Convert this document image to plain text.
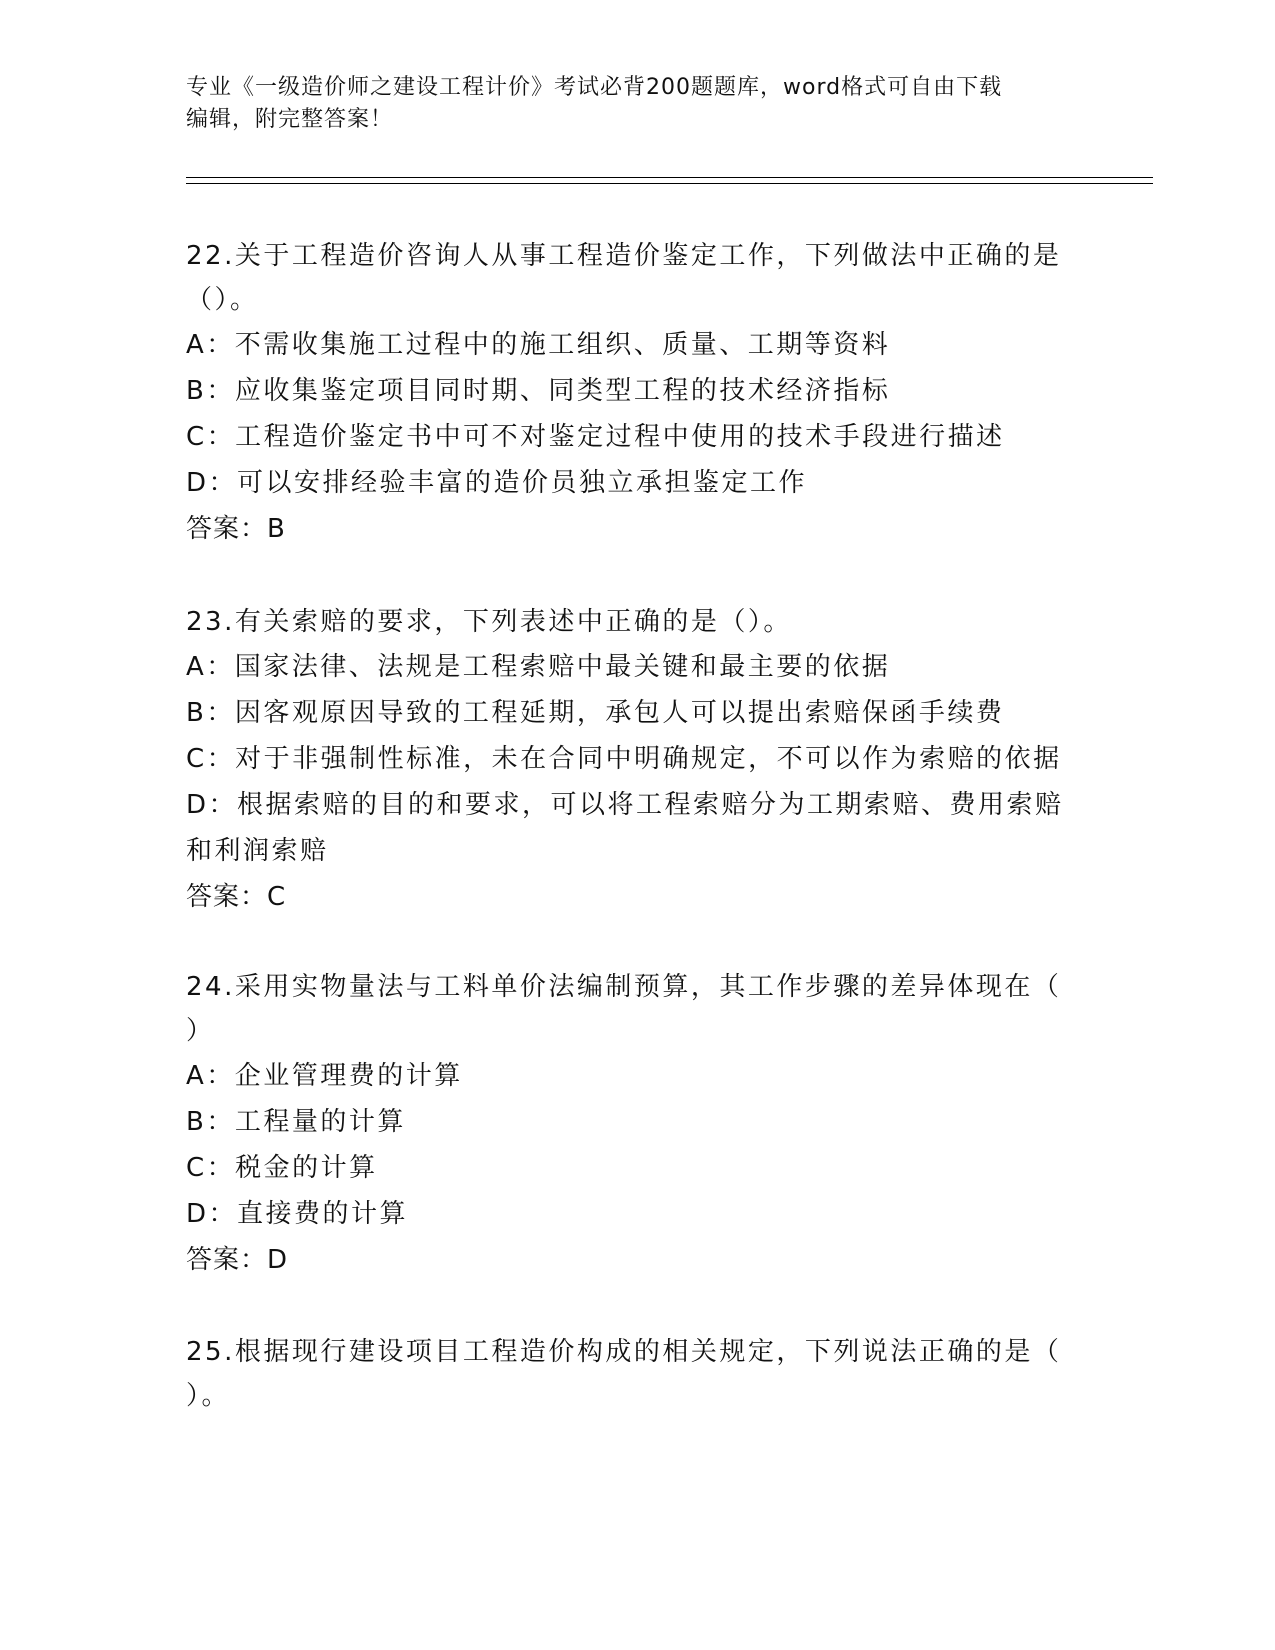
专业《一级造价师之建设工程计价》考试必背200题题库，word格式可自由下载
编辑，附完整答案！
22.关于工程造价咨询人从事工程造价鉴定工作，下列做法中正确的是
（）。
A：不需收集施工过程中的施工组织、质量、工期等资料
B：应收集鉴定项目同时期、同类型工程的技术经济指标
C：工程造价鉴定书中可不对鉴定过程中使用的技术手段进行描述
D：可以安排经验丰富的造价员独立承担鉴定工作
答案：B
23.有关索赔的要求，下列表述中正确的是（）。
A：国家法律、法规是工程索赔中最关键和最主要的依据
B：因客观原因导致的工程延期，承包人可以提出索赔保函手续费
C：对于非强制性标准，未在合同中明确规定，不可以作为索赔的依据
D：根据索赔的目的和要求，可以将工程索赔分为工期索赔、费用索赔
和利润索赔
答案：C
24.采用实物量法与工料单价法编制预算，其工作步骤的差异体现在（
）
A：企业管理费的计算
B：工程量的计算
C：税金的计算
D：直接费的计算
答案：D
25.根据现行建设项目工程造价构成的相关规定，下列说法正确的是（
）。
